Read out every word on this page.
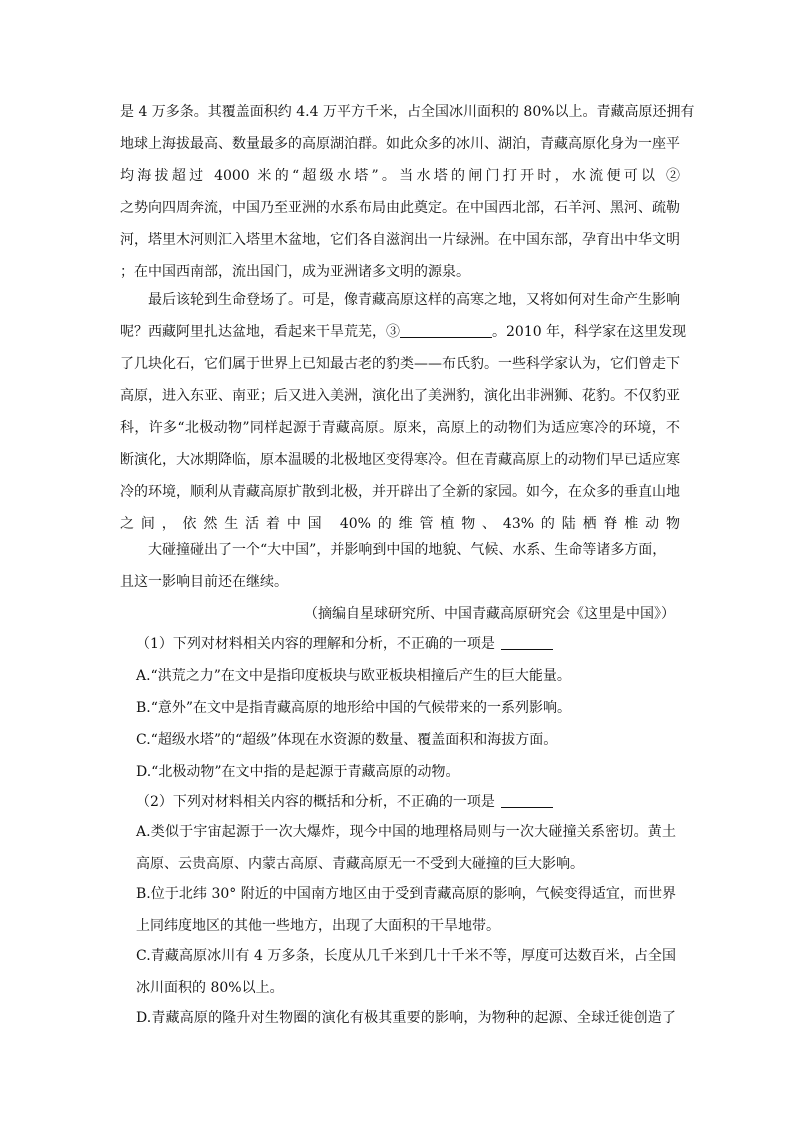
是 4 万多条。其覆盖面积约 4.4 万平方千米，占全国冰川面积的 80%以上。青藏高原还拥有
地球上海拔最高、数量最多的高原湖泊群。如此众多的冰川、湖泊，青藏高原化身为一座平
均海拔超过 4000 米的“超级水塔”。当水塔的闸门打开时，水流便可以 ②
之势向四周奔流，中国乃至亚洲的水系布局由此奠定。在中国西北部，石羊河、黑河、疏勒
河，塔里木河则汇入塔里木盆地，它们各自滋润出一片绿洲。在中国东部，孕育出中华文明
；在中国西南部，流出国门，成为亚洲诸多文明的源泉。
最后该轮到生命登场了。可是，像青藏高原这样的高寒之地，又将如何对生命产生影响
呢？西藏阿里扎达盆地，看起来干旱荒芜，③	。2010 年，科学家在这里发现
了几块化石，它们属于世界上已知最古老的豹类——布氏豹。一些科学家认为，它们曾走下
高原，进入东亚、南亚；后又进入美洲，演化出了美洲豹，演化出非洲狮、花豹。不仅豹亚
科，许多“北极动物”同样起源于青藏高原。原来，高原上的动物们为适应寒冷的环境，不
断演化，大冰期降临，原本温暖的北极地区变得寒冷。但在青藏高原上的动物们早已适应寒
冷的环境，顺利从青藏高原扩散到北极，并开辟出了全新的家园。如今，在众多的垂直山地
之间，依然生活着中国 40%的维管植物、43%的陆栖脊椎动物
大碰撞碰出了一个“大中国”，并影响到中国的地貌、气候、水系、生命等诸多方面，
且这一影响目前还在继续。
（摘编自星球研究所、中国青藏高原研究会《这里是中国》）
（1）下列对材料相关内容的理解和分析，不正确的一项是
A.“洪荒之力”在文中是指印度板块与欧亚板块相撞后产生的巨大能量。
B.“意外”在文中是指青藏高原的地形给中国的气候带来的一系列影响。
C.“超级水塔”的“超级”体现在水资源的数量、覆盖面积和海拔方面。
D.“北极动物”在文中指的是起源于青藏高原的动物。
（2）下列对材料相关内容的概括和分析，不正确的一项是
A.类似于宇宙起源于一次大爆炸，现今中国的地理格局则与一次大碰撞关系密切。黄土
高原、云贵高原、内蒙古高原、青藏高原无一不受到大碰撞的巨大影响。
B.位于北纬 30° 附近的中国南方地区由于受到青藏高原的影响，气候变得适宜，而世界
上同纬度地区的其他一些地方，出现了大面积的干旱地带。
C.青藏高原冰川有 4 万多条，长度从几千米到几十千米不等，厚度可达数百米，占全国
冰川面积的 80%以上。
D.青藏高原的隆升对生物圈的演化有极其重要的影响，为物种的起源、全球迁徙创造了
